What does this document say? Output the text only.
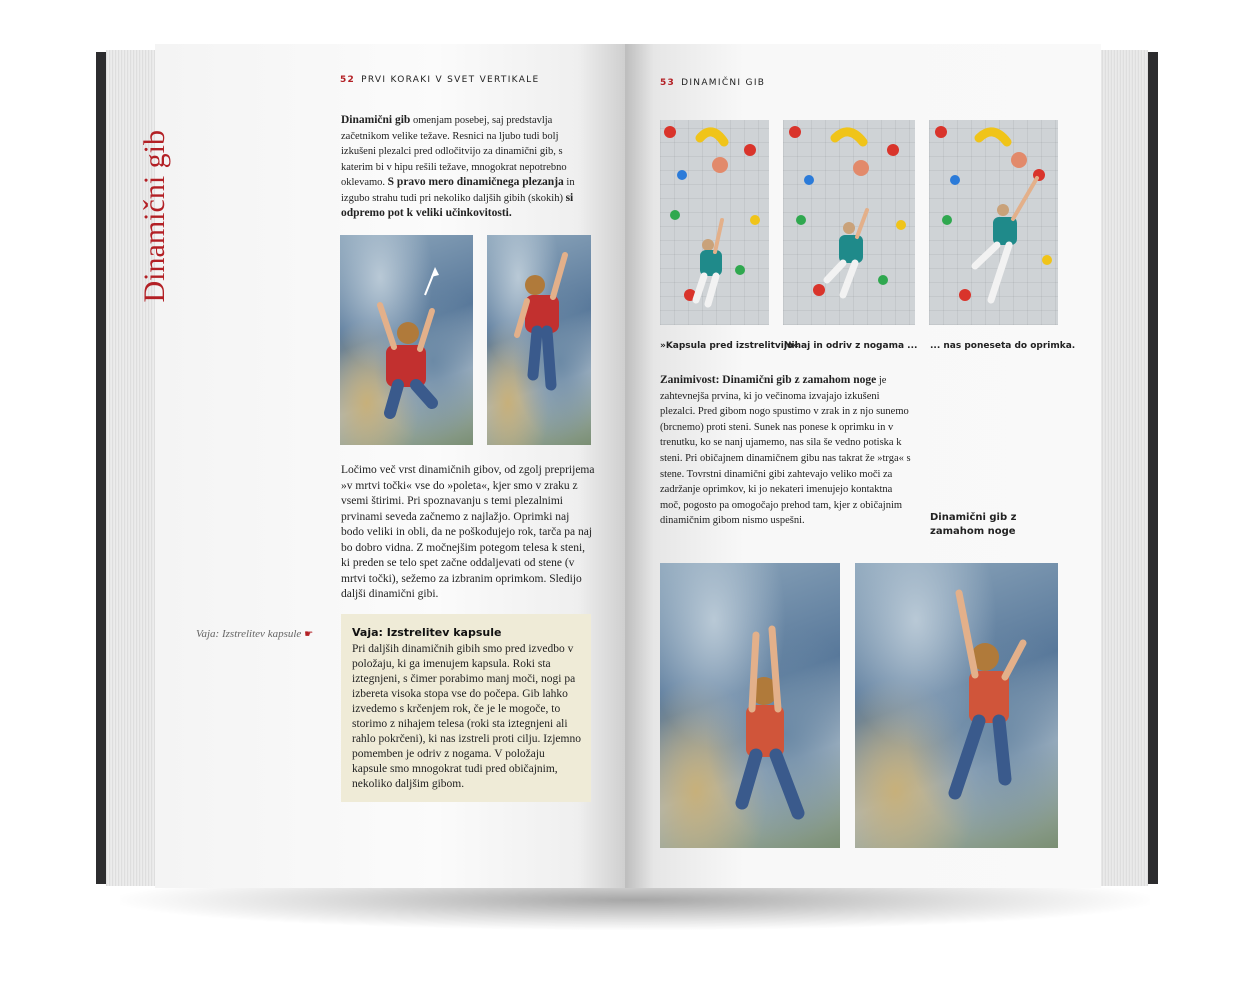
52 PRVI KORAKI V SVET VERTIKALE
Dinamični gib
Dinamični gib omenjam posebej, saj predstavlja začetnikom velike težave. Resnici na ljubo tudi bolj izkušeni plezalci pred odločitvijo za dinamični gib, s katerim bi v hipu rešili težave, mnogokrat nepotrebno oklevamo. S pravo mero dinamičnega plezanja in izgubo strahu tudi pri nekoliko daljših gibih (skokih) si odpremo pot k veliki učinkovitosti.
Ločimo več vrst dinamičnih gibov, od zgolj preprijema »v mrtvi točki« vse do »poleta«, kjer smo v zraku z vsemi štirimi. Pri spoznavanju s temi plezalnimi prvinami seveda začnemo z najlažjo. Oprimki naj bodo veliki in obli, da ne poškodujejo rok, tarča pa naj bo dobro vidna. Z močnejšim potegom telesa k steni, ki preden se telo spet začne oddaljevati od stene (v mrtvi točki), sežemo za izbranim oprimkom. Sledijo daljši dinamični gibi.
Vaja: Izstrelitev kapsule ☛	Vaja: Izstrelitev kapsule
Pri daljših dinamičnih gibih smo pred izvedbo v položaju, ki ga imenujem kapsula. Roki sta iztegnjeni, s čimer porabimo manj moči, nogi pa izbereta visoka stopa vse do počepa. Gib lahko izvedemo s krčenjem rok, če je le mogoče, to storimo z nihajem telesa (roki sta iztegnjeni ali rahlo pokrčeni), ki nas izstreli proti cilju. Izjemno pomemben je odriv z nogama. V položaju kapsule smo mnogokrat tudi pred običajnim, nekoliko daljšim gibom.
53 DINAMIČNI GIB
»Kapsula pred izstrelitvijo«
Nihaj in odriv z nogama ... ... nas poneseta do oprimka.
Zanimivost: Dinamični gib z zamahom noge je zahtevnejša prvina, ki jo večinoma izvajajo izkušeni plezalci. Pred gibom nogo spustimo v zrak in z njo sunemo (brcnemo) proti steni. Sunek nas ponese k oprimku in v trenutku, ko se nanj ujamemo, nas sila še vedno potiska k steni. Pri običajnem dinamičnem gibu nas takrat že »trga« s stene. Tovrstni dinamični gibi zahtevajo veliko moči za zadržanje oprimkov, ki jo nekateri imenujejo kontaktna moč, pogosto pa omogočajo prehod tam, kjer z običajnim dinamičnim gibom nismo uspešni.	Dinamični gib z zamahom noge
